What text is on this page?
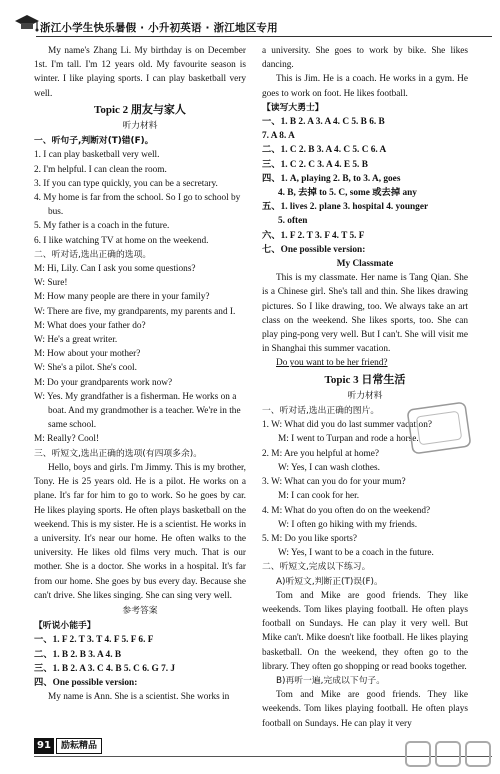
浙江小学生快乐暑假 · 小升初英语 · 浙江地区专用

My name's Zhang Li. My birthday is on December 1st. I'm tall. I'm 12 years old. My favourite season is winter. I like playing sports. I can play basketball very well.

Topic 2 朋友与家人
听力材料
一、听句子,判断对(T)错(F)。
1. I can play basketball very well.
2. I'm helpful. I can clean the room.
3. If you can type quickly, you can be a secretary.
4. My home is far from the school. So I go to school by bus.
5. My father is a coach in the future.
6. I like watching TV at home on the weekend.
二、听对话,选出正确的选项。
M: Hi, Lily. Can I ask you some questions?
W: Sure!
M: How many people are there in your family?
W: There are five, my grandparents, my parents and I.
M: What does your father do?
W: He's a great writer.
M: How about your mother?
W: She's a pilot. She's cool.
M: Do your grandparents work now?
W: Yes. My grandfather is a fisherman. He works on a boat. And my grandmother is a teacher. We're in the same school.
M: Really? Cool!
三、听短文,选出正确的选项(有四项多余)。

Hello, boys and girls. I'm Jimmy. This is my brother, Tony. He is 25 years old. He is a pilot. He works on a plane. It's far for him to go to work. So he goes by car. He likes playing sports. He often plays basketball on the weekend. This is my sister. He is a scientist. He works in a university. It's near our home. He often walks to the university. He likes old films very much. That is our mother. She is a doctor. She works in a hospital. It's far from our home. She goes by bus every day. Because she can't drive. She likes singing. She can sing very well.

参考答案
【听说小能手】
一、1. F 2. T 3. T 4. F 5. F 6. F
二、1. B 2. B 3. A 4. B
三、1. B 2. A 3. C 4. B 5. C 6. G 7. J
四、One possible version:

My name is Ann. She is a scientist. She works in

a university. She goes to work by bike. She likes dancing.

This is Jim. He is a coach. He works in a gym. He goes to work on foot. He likes football.

【读写大勇士】
一、1. B 2. A 3. A 4. C 5. B 6. B
7. A 8. A
二、1. C 2. B 3. A 4. C 5. C 6. A
三、1. C 2. C 3. A 4. E 5. B
四、1. A, playing 2. B, to 3. A, goes
4. B, 去掉 to 5. C, some 或去掉 any
五、1. lives 2. plane 3. hospital 4. younger
5. often
六、1. F 2. T 3. F 4. T 5. F
七、One possible version:
My Classmate

This is my classmate. Her name is Tang Qian. She is a Chinese girl. She's tall and thin. She likes drawing pictures. So I like drawing, too. We always take an art class on the weekend. She likes sports, too. She can play ping-pong very well. But I can't. She will visit me in Shanghai this summer vacation.

Do you want to be her friend?

Topic 3 日常生活
听力材料
一、听对话,选出正确的图片。
1. W: What did you do last summer vacation?
M: I went to Turpan and rode a horse.
2. M: Are you helpful at home?
W: Yes, I can wash clothes.
3. W: What can you do for your mum?
M: I can cook for her.
4. M: What do you often do on the weekend?
W: I often go hiking with my friends.
5. M: Do you like sports?
W: Yes, I want to be a coach in the future.
二、听短文,完成以下练习。
A)听短文,判断正(T)误(F)。

Tom and Mike are good friends. They like weekends. Tom likes playing football. He often plays football on Sundays. He can play it very well. But Mike can't. Mike doesn't like football. He likes playing basketball. On the weekend, they often go to the library. They often go shopping or read books together.

B)再听一遍,完成以下句子。

Tom and Mike are good friends. They like weekends. Tom likes playing football. He often plays football on Sundays. He can play it very

91	励耘精品
